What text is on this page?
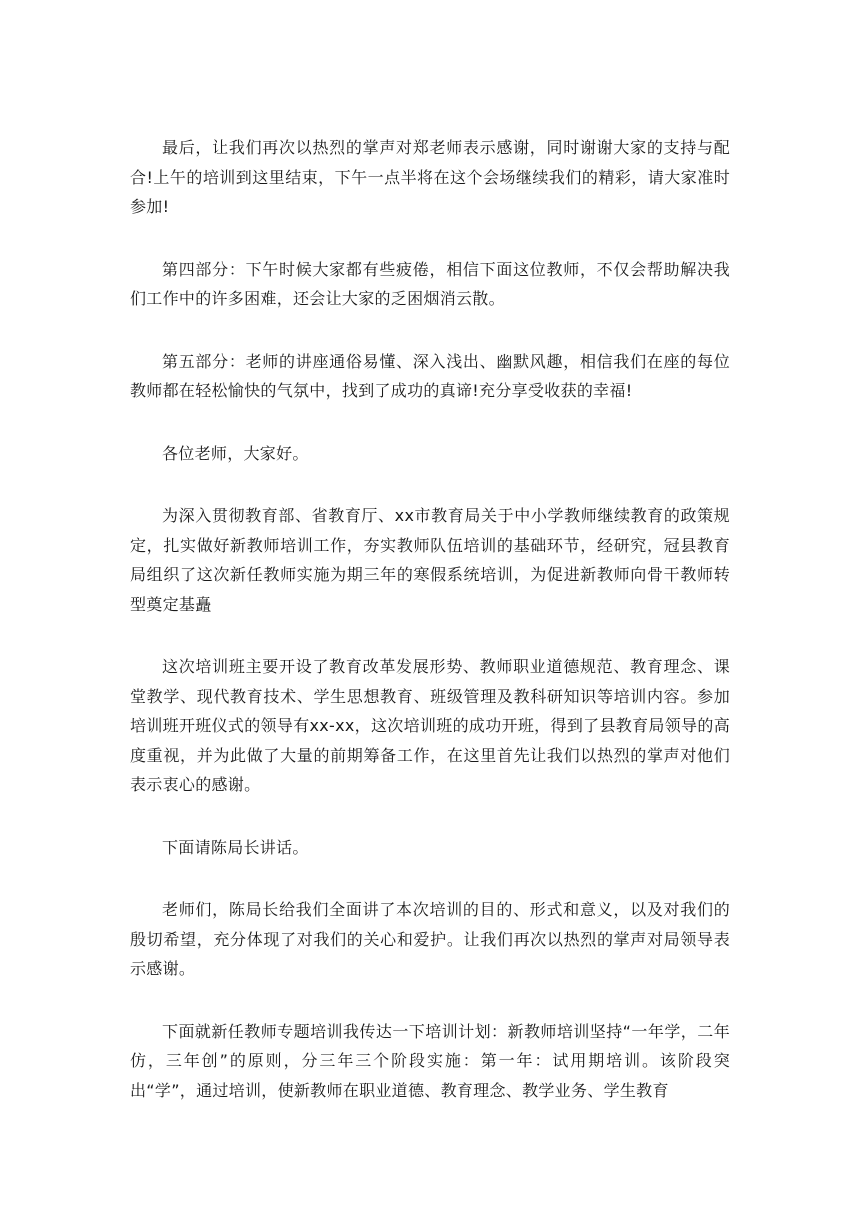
最后，让我们再次以热烈的掌声对郑老师表示感谢，同时谢谢大家的支持与配合!上午的培训到这里结束，下午一点半将在这个会场继续我们的精彩，请大家准时参加!

第四部分：下午时候大家都有些疲倦，相信下面这位教师，不仅会帮助解决我们工作中的许多困难，还会让大家的乏困烟消云散。

第五部分：老师的讲座通俗易懂、深入浅出、幽默风趣，相信我们在座的每位教师都在轻松愉快的气氛中，找到了成功的真谛!充分享受收获的幸福!

各位老师，大家好。

为深入贯彻教育部、省教育厅、xx市教育局关于中小学教师继续教育的政策规定，扎实做好新教师培训工作，夯实教师队伍培训的基础环节，经研究，冠县教育局组织了这次新任教师实施为期三年的寒假系统培训，为促进新教师向骨干教师转型奠定基矗

这次培训班主要开设了教育改革发展形势、教师职业道德规范、教育理念、课堂教学、现代教育技术、学生思想教育、班级管理及教科研知识等培训内容。参加培训班开班仪式的领导有xx-xx，这次培训班的成功开班，得到了县教育局领导的高度重视，并为此做了大量的前期筹备工作，在这里首先让我们以热烈的掌声对他们表示衷心的感谢。

下面请陈局长讲话。

老师们，陈局长给我们全面讲了本次培训的目的、形式和意义，以及对我们的殷切希望，充分体现了对我们的关心和爱护。让我们再次以热烈的掌声对局领导表示感谢。

下面就新任教师专题培训我传达一下培训计划：新教师培训坚持“一年学，二年仿，三年创”的原则，分三年三个阶段实施：第一年：试用期培训。该阶段突出“学”，通过培训，使新教师在职业道德、教育理念、教学业务、学生教育
